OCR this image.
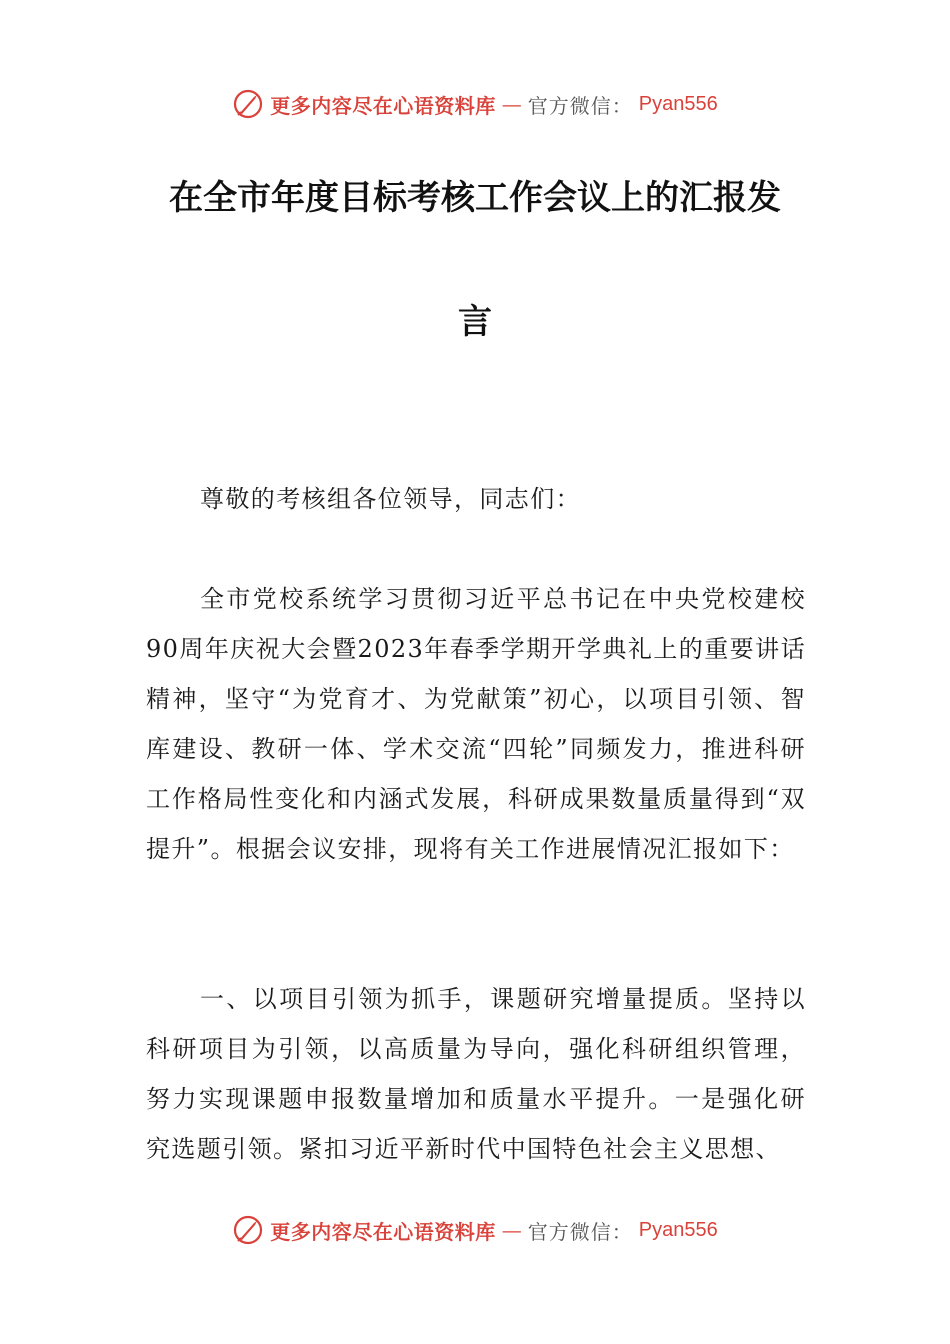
更多内容尽在心语资料库 — 官方微信： Pyan556
在全市年度目标考核工作会议上的汇报发
言

尊敬的考核组各位领导，同志们：

全市党校系统学习贯彻习近平总书记在中央党校建校90周年庆祝大会暨2023年春季学期开学典礼上的重要讲话精神，坚守“为党育才、为党献策”初心，以项目引领、智库建设、教研一体、学术交流“四轮”同频发力，推进科研工作格局性变化和内涵式发展，科研成果数量质量得到“双提升”。根据会议安排，现将有关工作进展情况汇报如下：

一、以项目引领为抓手，课题研究增量提质。坚持以科研项目为引领，以高质量为导向，强化科研组织管理，努力实现课题申报数量增加和质量水平提升。一是强化研究选题引领。紧扣习近平新时代中国特色社会主义思想、

更多内容尽在心语资料库 — 官方微信： Pyan556
